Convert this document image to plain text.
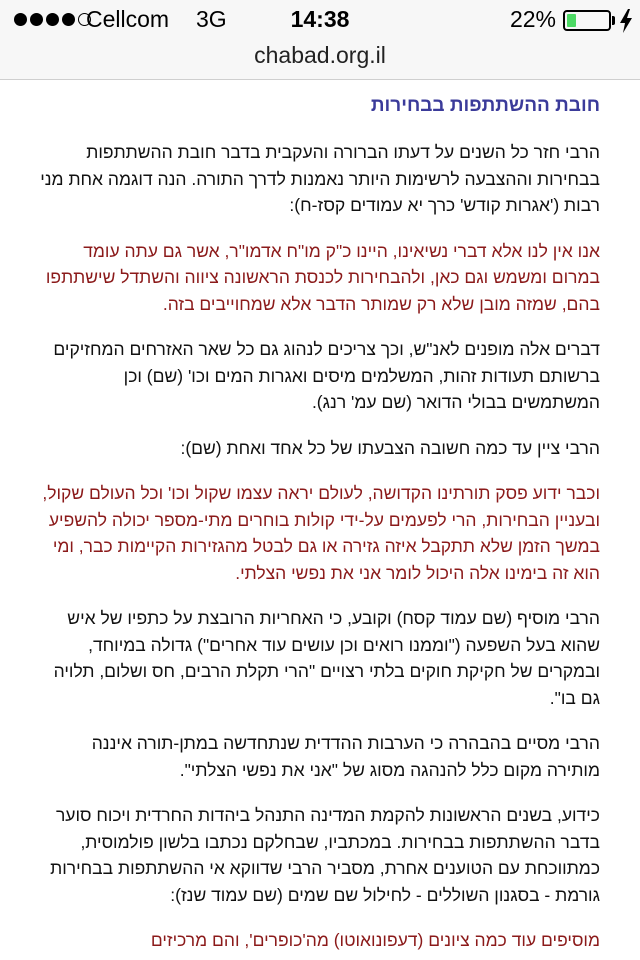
Cellcom 3G	14:38	22%
chabad.org.il
חובת ההשתתפות בבחירות

הרבי חזר כל השנים על דעתו הברורה והעקבית בדבר חובת ההשתתפות בבחירות וההצבעה לרשימות היותר נאמנות לדרך התורה. הנה דוגמה אחת מני רבות ('אגרות קודש' כרך יא עמודים קסז-ח):

אנו אין לנו אלא דברי נשיאינו, היינו כ"ק מו"ח אדמו"ר, אשר גם עתה עומד במרום ומשמש וגם כאן, ולהבחירות לכנסת הראשונה ציווה והשתדל שישתתפו בהם, שמזה מובן שלא רק שמותר הדבר אלא שמחוייבים בזה.

דברים אלה מופנים לאנ"ש, וכך צריכים לנהוג גם כל שאר האזרחים המחזיקים ברשותם תעודות זהות, המשלמים מיסים ואגרות המים וכו' (שם) וכן המשתמשים בבולי הדואר (שם עמ' רנג).

הרבי ציין עד כמה חשובה הצבעתו של כל אחד ואחת (שם):

וכבר ידוע פסק תורתינו הקדושה, לעולם יראה עצמו שקול וכו' וכל העולם שקול, ובעניין הבחירות, הרי לפעמים על-ידי קולות בוחרים מתי-מספר יכולה להשפיע במשך הזמן שלא תתקבל איזה גזירה או גם לבטל מהגזירות הקיימות כבר, ומי הוא זה בימינו אלה היכול לומר אני את נפשי הצלתי.

הרבי מוסיף (שם עמוד קסח) וקובע, כי האחריות הרובצת על כתפיו של איש שהוא בעל השפעה ("וממנו רואים וכן עושים עוד אחרים") גדולה במיוחד, ובמקרים של חקיקת חוקים בלתי רצויים "הרי תקלת הרבים, חס ושלום, תלויה גם בו".

הרבי מסיים בהבהרה כי הערבות ההדדית שנתחדשה במתן-תורה איננה מותירה מקום כלל להנהגה מסוג של "אני את נפשי הצלתי".

כידוע, בשנים הראשונות להקמת המדינה התנהל ביהדות החרדית ויכוח סוער בדבר ההשתתפות בבחירות. במכתביו, שבחלקם נכתבו בלשון פולמוסית, כמתווכחת עם הטוענים אחרת, מסביר הרבי שדווקא אי ההשתתפות בבחירות גורמת - בסגנון השוללים - לחילול שם שמים (שם עמוד שנז):

מוסיפים עוד כמה ציונים (דעפונואוטו) מה'כופרים', והם מרכיזים
